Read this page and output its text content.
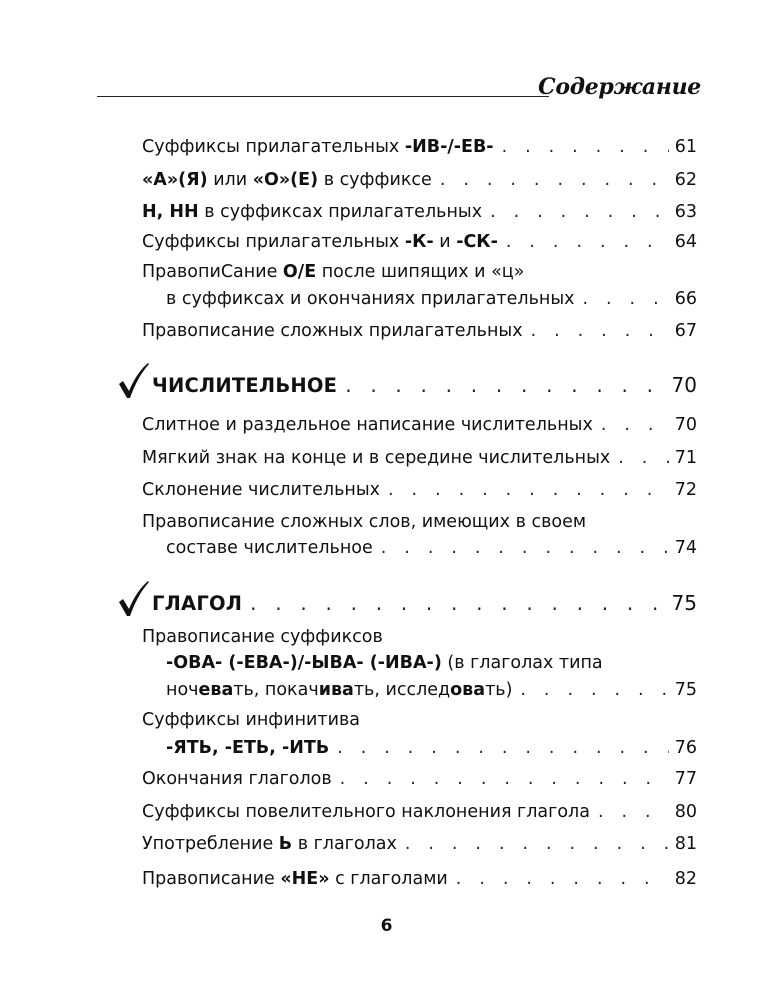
Содержание
Суффиксы прилагательных -ИВ-/-ЕВ- . . .	61
«А»(Я) или «О»(Е) в суффиксе . . .	62
Н, НН в суффиксах прилагательных . . .	63
Суффиксы прилагательных -К- и -СК- . . .	64
ПравопиСание О/Е после шипящих и «ц»
в суффиксах и окончаниях прилагательных . . .	66
Правописание сложных прилагательных . . .	67
ЧИСЛИТЕЛЬНОЕ . . .	70
Слитное и раздельное написание числительных . . .	70
Мягкий знак на конце и в середине числительных . . .	71
Склонение числительных . . .	72
Правописание сложных слов, имеющих в своем
составе числительное . . .	74
ГЛАГОЛ . . .	75
Правописание суффиксов
-ОВА- (-ЕВА-)/-ЫВА- (-ИВА-) (в глаголах типа
ночевать, покачивать, исследовать) . . .	75
Суффиксы инфинитива
-ЯТЬ, -ЕТЬ, -ИТЬ . . .	76
Окончания глаголов . . .	77
Суффиксы повелительного наклонения глагола . . .	80
Употребление Ь в глаголах . . .	81
Правописание «НЕ» с глаголами . . .	82
6
